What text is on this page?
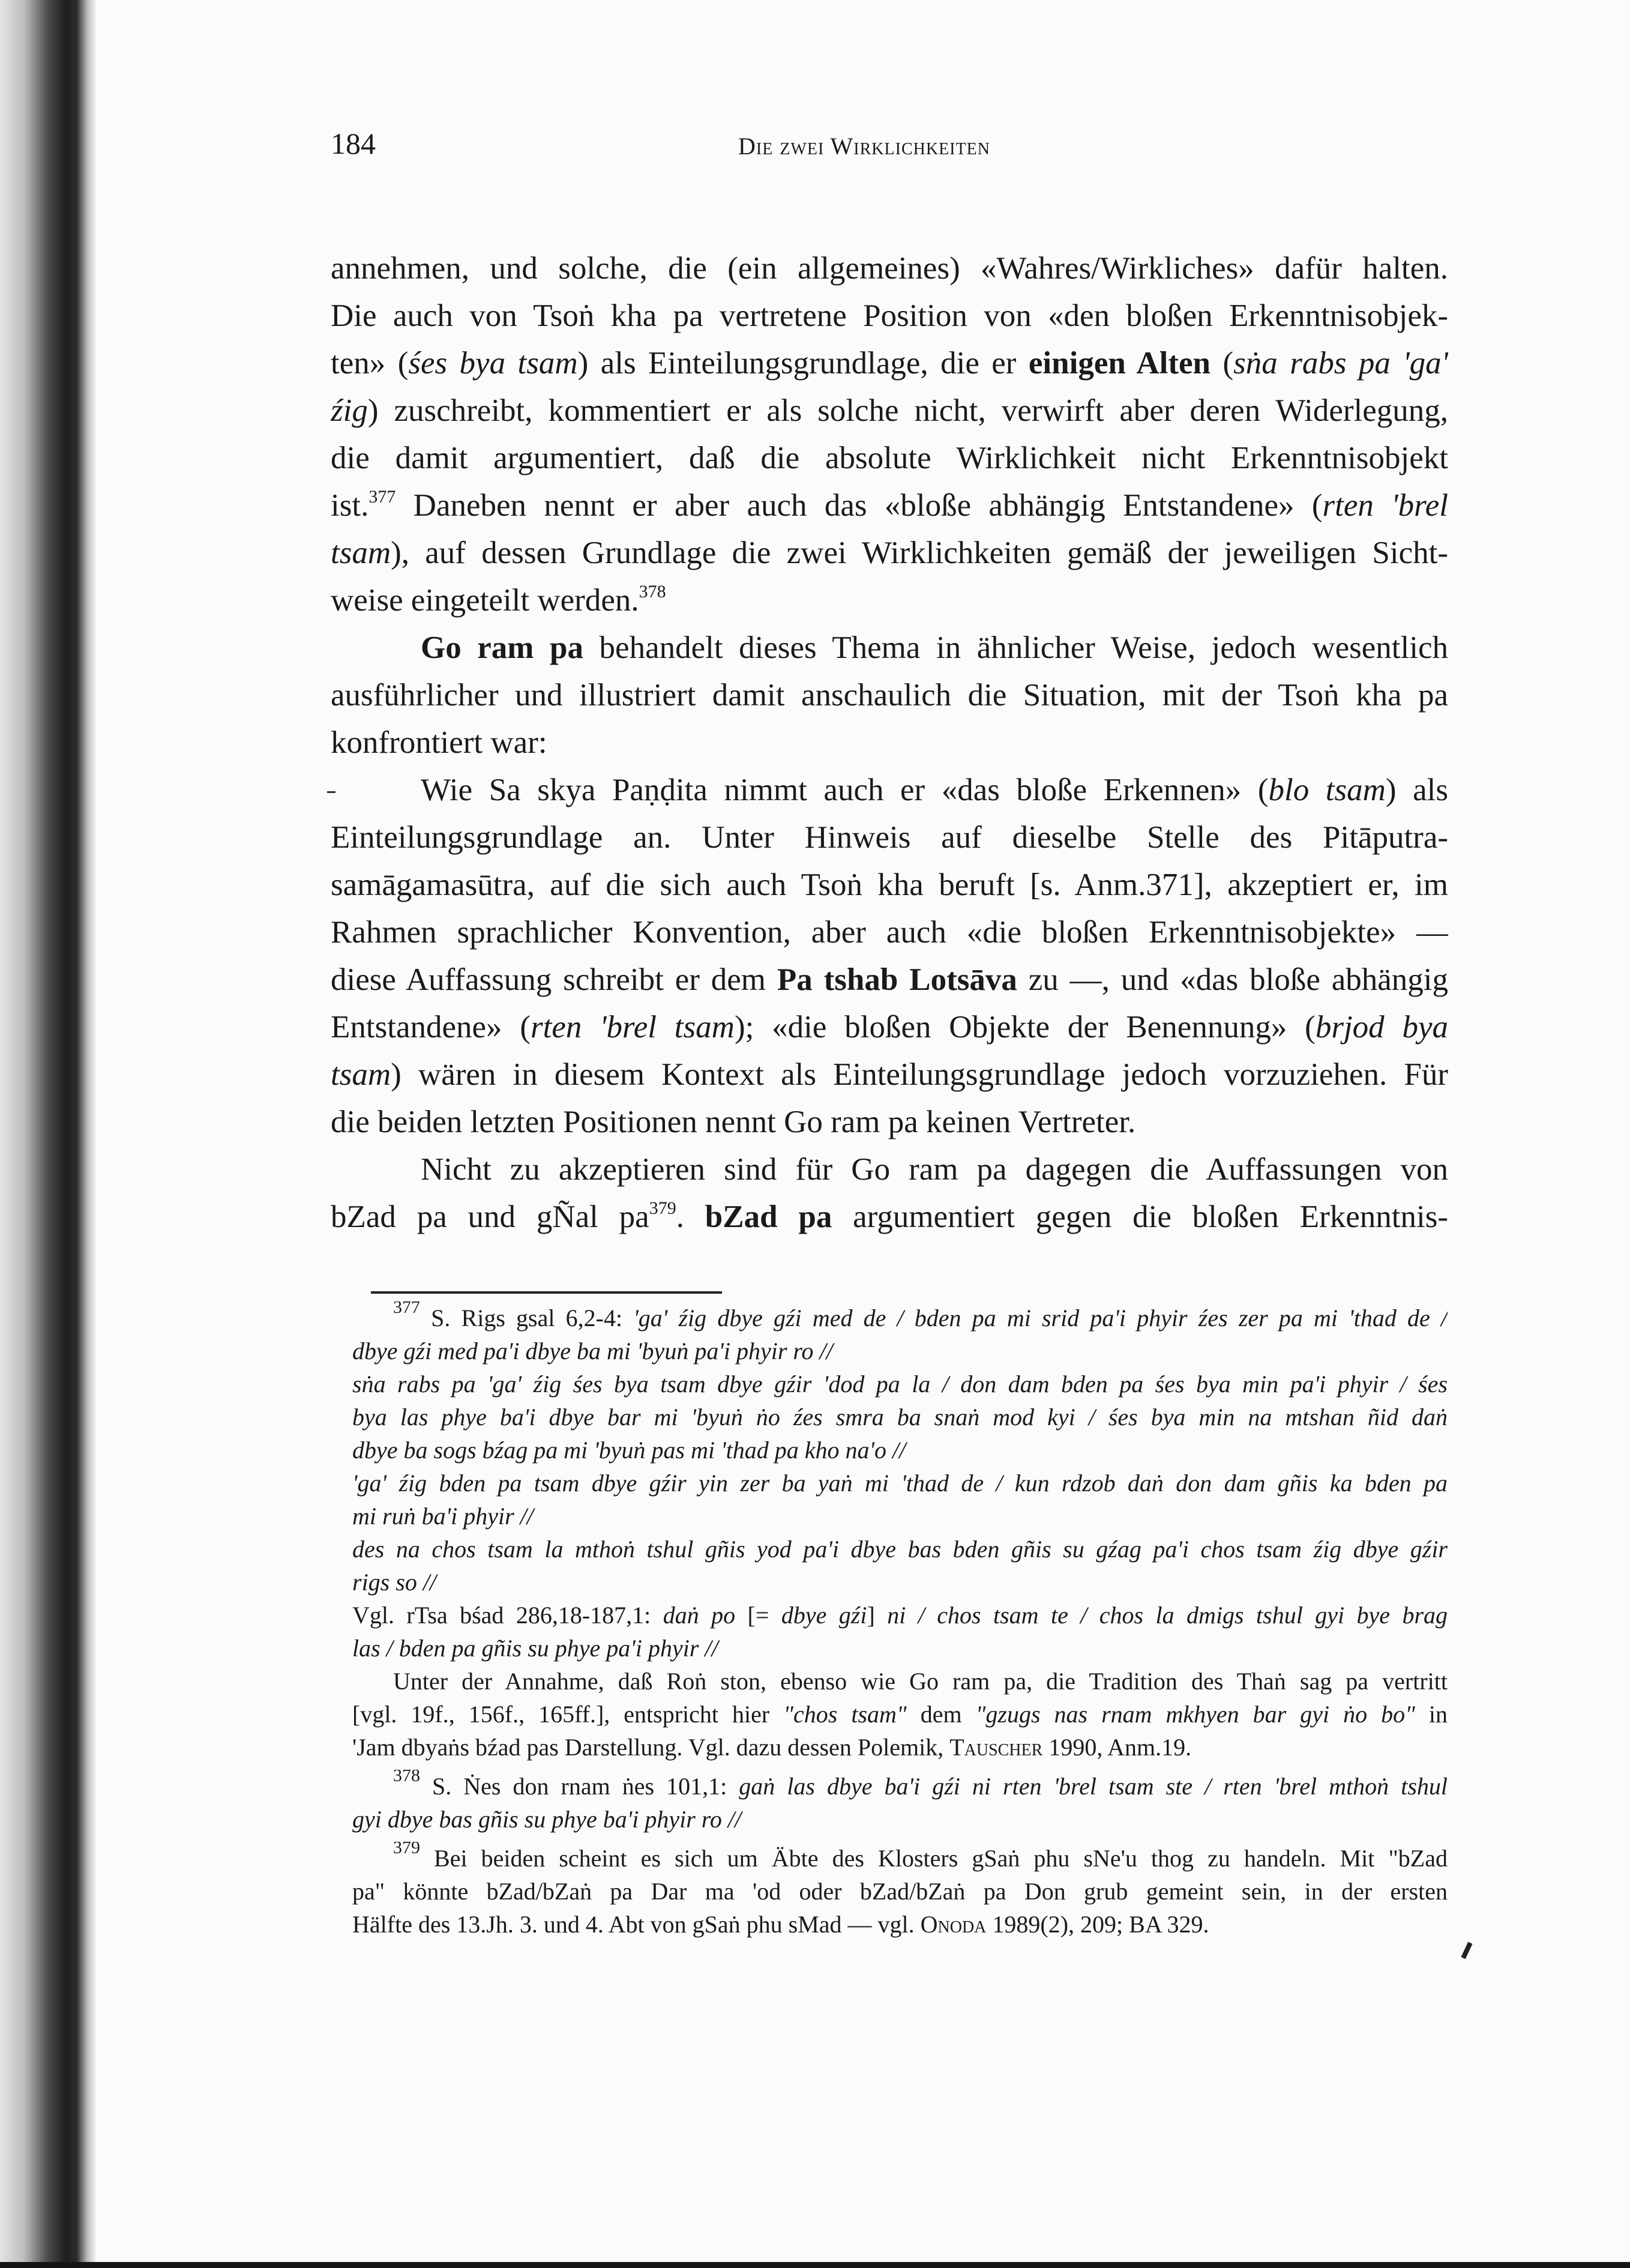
184	Die zwei Wirklichkeiten
annehmen, und solche, die (ein allgemeines) «Wahres/Wirkliches» dafür halten.
Die auch von Tsoṅ kha pa vertretene Position von «den bloßen Erkenntnisobjek-
ten» (śes bya tsam) als Einteilungsgrundlage, die er einigen Alten (sṅa rabs pa 'ga'
źig) zuschreibt, kommentiert er als solche nicht, verwirft aber deren Widerlegung,
die damit argumentiert, daß die absolute Wirklichkeit nicht Erkenntnisobjekt
ist.$^{377}$ Daneben nennt er aber auch das «bloße abhängig Entstandene» (rten 'brel
tsam), auf dessen Grundlage die zwei Wirklichkeiten gemäß der jeweiligen Sicht-
weise eingeteilt werden.$^{378}$
Go ram pa behandelt dieses Thema in ähnlicher Weise, jedoch wesentlich
ausführlicher und illustriert damit anschaulich die Situation, mit der Tsoṅ kha pa
konfrontiert war:
Wie Sa skya Paṇḍita nimmt auch er «das bloße Erkennen» (blo tsam) als
Einteilungsgrundlage an. Unter Hinweis auf dieselbe Stelle des Pitāputra-
samāgamasūtra, auf die sich auch Tsoṅ kha beruft [s. Anm.371], akzeptiert er, im
Rahmen sprachlicher Konvention, aber auch «die bloßen Erkenntnisobjekte» —
diese Auffassung schreibt er dem Pa tshab Lotsāva zu —, und «das bloße abhängig
Entstandene» (rten 'brel tsam); «die bloßen Objekte der Benennung» (brjod bya
tsam) wären in diesem Kontext als Einteilungsgrundlage jedoch vorzuziehen. Für
die beiden letzten Positionen nennt Go ram pa keinen Vertreter.
Nicht zu akzeptieren sind für Go ram pa dagegen die Auffassungen von
bZad pa und gÑal $pa^{379}$. bZad pa argumentiert gegen die bloßen Erkenntnis-
$^{377}$ S. Rigs gsal 6,2-4: 'ga' źig dbye gźi med de / bden pa mi srid pa'i phyir źes zer pa mi 'thad de /
dbye gźi med pa'i dbye ba mi 'byuṅ pa'i phyir ro //
sṅa rabs pa 'ga' źig śes bya tsam dbye gźir 'dod pa la / don dam bden pa śes bya min pa'i phyir / śes
bya las phye ba'i dbye bar mi 'byuṅ ṅo źes smra ba snaṅ mod kyi / śes bya min na mtshan ñid daṅ
dbye ba sogs bźag pa mi 'byuṅ pas mi 'thad pa kho na'o //
'ga' źig bden pa tsam dbye gźir yin zer ba yaṅ mi 'thad de / kun rdzob daṅ don dam gñis ka bden pa
mi ruṅ ba'i phyir //
des na chos tsam la mthoṅ tshul gñis yod pa'i dbye bas bden gñis su gźag pa'i chos tsam źig dbye gźir
rigs so //
Vgl. rTsa bśad 286,18-187,1: daṅ po [= dbye gźi] ni / chos tsam te / chos la dmigs tshul gyi bye brag
las / bden pa gñis su phye pa'i phyir //
Unter der Annahme, daß Roṅ ston, ebenso wie Go ram pa, die Tradition des Thaṅ sag pa vertritt
[vgl. 19f., 156f., 165ff.], entspricht hier "chos tsam" dem "gzugs nas rnam mkhyen bar gyi ṅo bo" in
'Jam dbyaṅs bźad pas Darstellung. Vgl. dazu dessen Polemik, Tauscher 1990, Anm.19.
$^{378}$ S. Ṅes don rnam ṅes 101,1: gaṅ las dbye ba'i gźi ni rten 'brel tsam ste / rten 'brel mthoṅ tshul
gyi dbye bas gñis su phye ba'i phyir ro //
$^{379}$ Bei beiden scheint es sich um Äbte des Klosters gSaṅ phu sNe'u thog zu handeln. Mit "bZad
pa" könnte bZad/bZaṅ pa Dar ma 'od oder bZad/bZaṅ pa Don grub gemeint sein, in der ersten
Hälfte des 13.Jh. 3. und 4. Abt von gSaṅ phu sMad — vgl. Onoda 1989(2), 209; BA 329.
